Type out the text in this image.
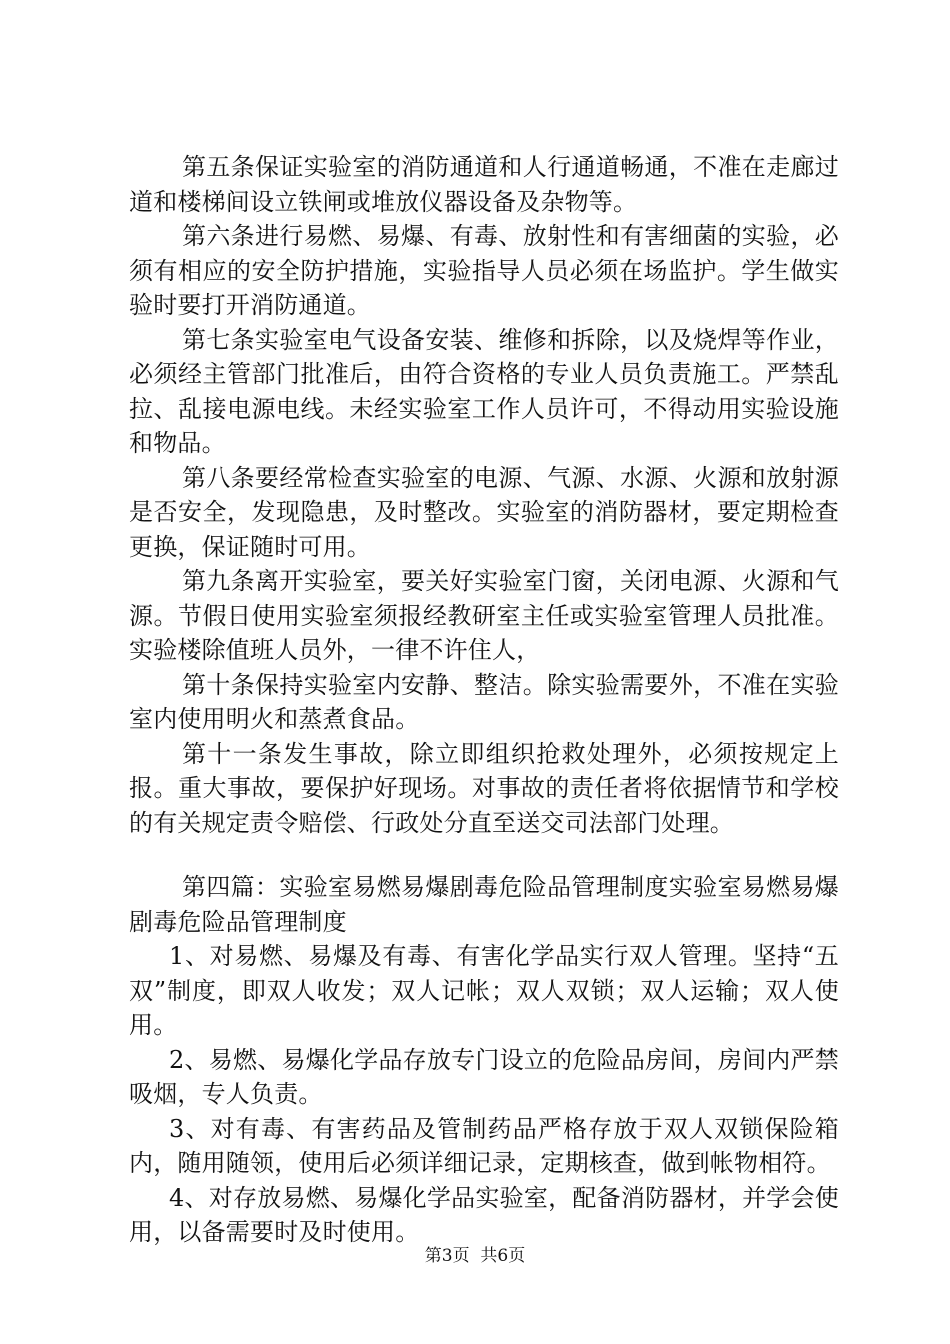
第五条保证实验室的消防通道和人行通道畅通，不准在走廊过道和楼梯间设立铁闸或堆放仪器设备及杂物等。

第六条进行易燃、易爆、有毒、放射性和有害细菌的实验，必须有相应的安全防护措施，实验指导人员必须在场监护。学生做实验时要打开消防通道。

第七条实验室电气设备安装、维修和拆除，以及烧焊等作业，必须经主管部门批准后，由符合资格的专业人员负责施工。严禁乱拉、乱接电源电线。未经实验室工作人员许可，不得动用实验设施和物品。

第八条要经常检查实验室的电源、气源、水源、火源和放射源是否安全，发现隐患，及时整改。实验室的消防器材，要定期检查更换，保证随时可用。

第九条离开实验室，要关好实验室门窗，关闭电源、火源和气源。节假日使用实验室须报经教研室主任或实验室管理人员批准。实验楼除值班人员外，一律不许住人，

第十条保持实验室内安静、整洁。除实验需要外，不准在实验室内使用明火和蒸煮食品。

第十一条发生事故，除立即组织抢救处理外，必须按规定上报。重大事故，要保护好现场。对事故的责任者将依据情节和学校的有关规定责令赔偿、行政处分直至送交司法部门处理。

第四篇：实验室易燃易爆剧毒危险品管理制度实验室易燃易爆剧毒危险品管理制度

1、对易燃、易爆及有毒、有害化学品实行双人管理。坚持“五双”制度，即双人收发；双人记帐；双人双锁；双人运输；双人使用。

2、易燃、易爆化学品存放专门设立的危险品房间，房间内严禁吸烟，专人负责。

3、对有毒、有害药品及管制药品严格存放于双人双锁保险箱内，随用随领，使用后必须详细记录，定期核查，做到帐物相符。

4、对存放易燃、易爆化学品实验室，配备消防器材，并学会使用，以备需要时及时使用。

第3页 共6页
